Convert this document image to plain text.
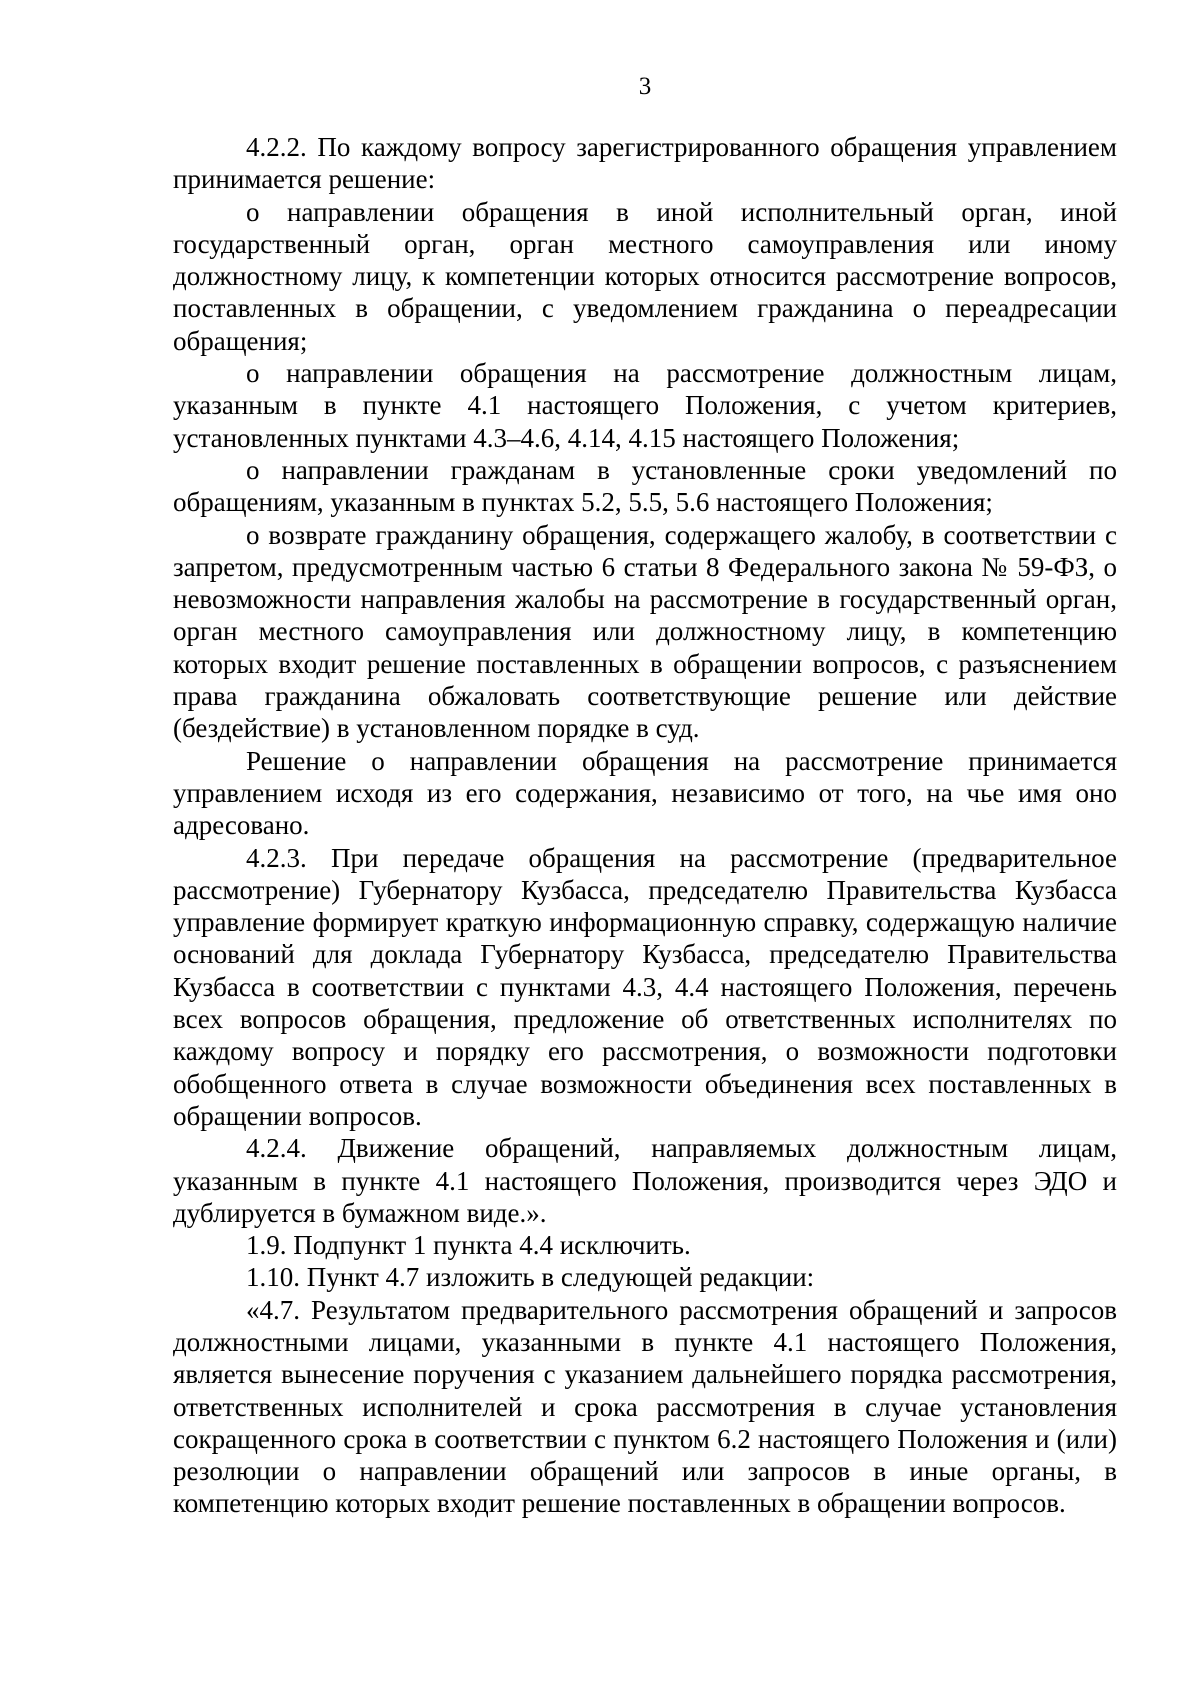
3

4.2.2. По каждому вопросу зарегистрированного обращения управлением принимается решение:

о направлении обращения в иной исполнительный орган, иной государственный орган, орган местного самоуправления или иному должностному лицу, к компетенции которых относится рассмотрение вопросов, поставленных в обращении, с уведомлением гражданина о переадресации обращения;

о направлении обращения на рассмотрение должностным лицам, указанным в пункте 4.1 настоящего Положения, с учетом критериев, установленных пунктами 4.3–4.6, 4.14, 4.15 настоящего Положения;

о направлении гражданам в установленные сроки уведомлений по обращениям, указанным в пунктах 5.2, 5.5, 5.6 настоящего Положения;

о возврате гражданину обращения, содержащего жалобу, в соответствии с запретом, предусмотренным частью 6 статьи 8 Федерального закона № 59-ФЗ, о невозможности направления жалобы на рассмотрение в государственный орган, орган местного самоуправления или должностному лицу, в компетенцию которых входит решение поставленных в обращении вопросов, с разъяснением права гражданина обжаловать соответствующие решение или действие (бездействие) в установленном порядке в суд.

Решение о направлении обращения на рассмотрение принимается управлением исходя из его содержания, независимо от того, на чье имя оно адресовано.

4.2.3. При передаче обращения на рассмотрение (предварительное рассмотрение) Губернатору Кузбасса, председателю Правительства Кузбасса управление формирует краткую информационную справку, содержащую наличие оснований для доклада Губернатору Кузбасса, председателю Правительства Кузбасса в соответствии с пунктами 4.3, 4.4 настоящего Положения, перечень всех вопросов обращения, предложение об ответственных исполнителях по каждому вопросу и порядку его рассмотрения, о возможности подготовки обобщенного ответа в случае возможности объединения всех поставленных в обращении вопросов.

4.2.4. Движение обращений, направляемых должностным лицам, указанным в пункте 4.1 настоящего Положения, производится через ЭДО и дублируется в бумажном виде.».

1.9. Подпункт 1 пункта 4.4 исключить.

1.10. Пункт 4.7 изложить в следующей редакции:

«4.7. Результатом предварительного рассмотрения обращений и запросов должностными лицами, указанными в пункте 4.1 настоящего Положения, является вынесение поручения с указанием дальнейшего порядка рассмотрения, ответственных исполнителей и срока рассмотрения в случае установления сокращенного срока в соответствии с пунктом 6.2 настоящего Положения и (или) резолюции о направлении обращений или запросов в иные органы, в компетенцию которых входит решение поставленных в обращении вопросов.
